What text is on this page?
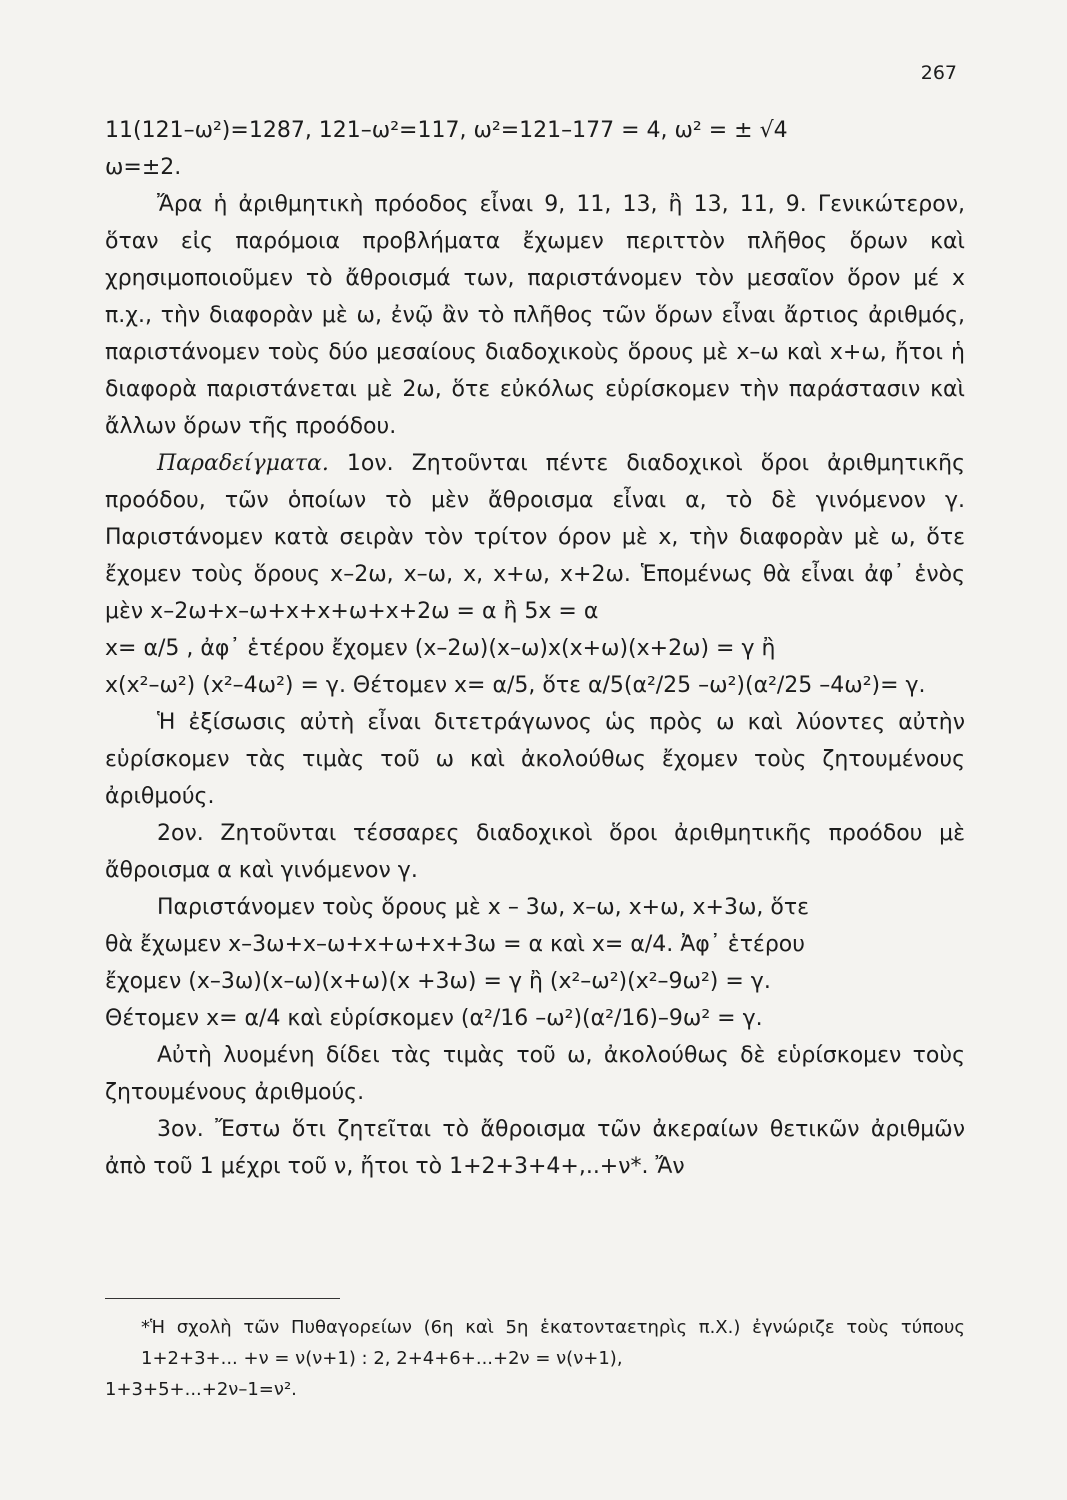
267

11(121–ω²)=1287, 121–ω²=117, ω²=121–177 = 4, ω² = ± √4

ω=±2.

Ἄρα ἡ ἀριθμητικὴ πρόοδος εἶναι 9, 11, 13, ἢ 13, 11, 9. Γενικώτερον, ὅταν εἰς παρόμοια προβλήματα ἔχωμεν περιττὸν πλῆθος ὅρων καὶ χρησιμοποιοῦμεν τὸ ἄθροισμά των, παριστάνομεν τὸν μεσαῖον ὅρον μέ x π.χ., τὴν διαφορὰν μὲ ω, ἐνῷ ἂν τὸ πλῆθος τῶν ὅρων εἶναι ἄρτιος ἀριθμός, παριστάνομεν τοὺς δύο μεσαίους διαδοχικοὺς ὅρους μὲ x–ω καὶ x+ω, ἤτοι ἡ διαφορὰ παριστάνεται μὲ 2ω, ὅτε εὐκόλως εὑρίσκομεν τὴν παράστασιν καὶ ἄλλων ὅρων τῆς προόδου.

Παραδείγματα. 1ον. Ζητοῦνται πέντε διαδοχικοὶ ὅροι ἀριθμητικῆς προόδου, τῶν ὁποίων τὸ μὲν ἄθροισμα εἶναι α, τὸ δὲ γινόμενον γ. Παριστάνομεν κατὰ σειρὰν τὸν τρίτον όρον μὲ x, τὴν διαφορὰν μὲ ω, ὅτε ἔχομεν τοὺς ὅρους x–2ω, x–ω, x, x+ω, x+2ω. Ἑπομένως θὰ εἶναι ἀφ᾽ ἑνὸς μὲν x–2ω+x–ω+x+x+ω+x+2ω = α ἢ 5x = α

x= α/5 , ἀφ᾽ ἑτέρου ἔχομεν (x–2ω)(x–ω)x(x+ω)(x+2ω) = γ ἢ

x(x²–ω²) (x²–4ω²) = γ. Θέτομεν x= α/5, ὅτε α/5(α²/25 –ω²)(α²/25 –4ω²)= γ.

Ἡ ἐξίσωσις αὐτὴ εἶναι διτετράγωνος ὡς πρὸς ω καὶ λύοντες αὐτὴν εὑρίσκομεν τὰς τιμὰς τοῦ ω καὶ ἀκολούθως ἔχομεν τοὺς ζητουμένους ἀριθμούς.

2ον. Ζητοῦνται τέσσαρες διαδοχικοὶ ὅροι ἀριθμητικῆς προόδου μὲ ἄθροισμα α καὶ γινόμενον γ.

Παριστάνομεν τοὺς ὅρους μὲ x – 3ω, x–ω, x+ω, x+3ω, ὅτε

θὰ ἔχωμεν x–3ω+x–ω+x+ω+x+3ω = α καὶ x= α/4. Ἀφ᾽ ἑτέρου

ἔχομεν (x–3ω)(x–ω)(x+ω)(x +3ω) = γ ἢ (x²–ω²)(x²–9ω²) = γ.

Θέτομεν x= α/4 καὶ εὑρίσκομεν (α²/16 –ω²)(α²/16)–9ω² = γ.

Αὐτὴ λυομένη δίδει τὰς τιμὰς τοῦ ω, ἀκολούθως δὲ εὑρίσκομεν τοὺς ζητουμένους ἀριθμούς.

3ον. Ἔστω ὅτι ζητεῖται τὸ ἄθροισμα τῶν ἀκεραίων θετικῶν ἀριθμῶν ἀπὸ τοῦ 1 μέχρι τοῦ ν, ἤτοι τὸ 1+2+3+4+,..+ν*. Ἄν

*Ἡ σχολὴ τῶν Πυθαγορείων (6η καὶ 5η ἑκατονταετηρὶς π.Χ.) ἐγνώριζε τοὺς τύπους 1+2+3+... +ν = ν(ν+1) : 2, 2+4+6+...+2ν = ν(ν+1),

1+3+5+...+2ν–1=ν².
